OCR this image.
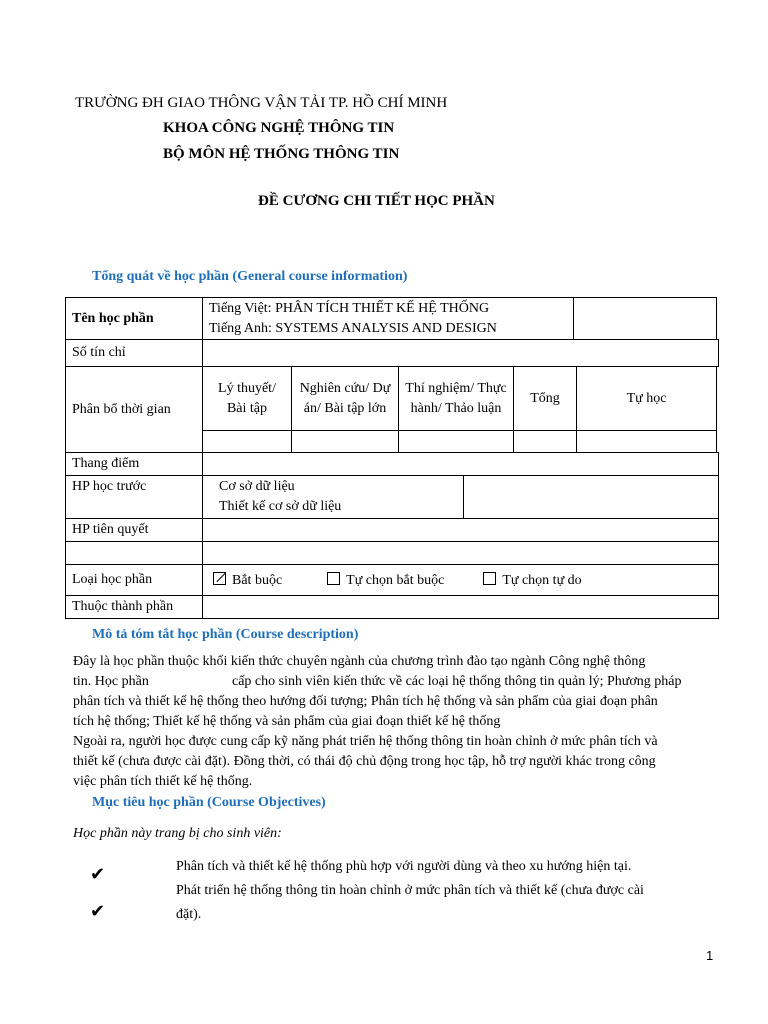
TRƯỜNG ĐH GIAO THÔNG VẬN TẢI TP. HỒ CHÍ MINH
KHOA CÔNG NGHỆ THÔNG TIN
BỘ MÔN HỆ THỐNG THÔNG TIN
ĐỀ CƯƠNG CHI TIẾT HỌC PHẦN
Tổng quát về học phần (General course information)
Tên học phần	
Tiếng Việt: PHÂN TÍCH THIẾT KẾ HỆ THỐNG
Tiếng Anh: SYSTEMS ANALYSIS AND DESIGN

Số tín chỉ	
Phân bổ thời gian	Lý thuyết/ Bài tập	Nghiên cứu/ Dự án/ Bài tập lớn	Thí nghiệm/ Thực hành/ Thảo luận	Tổng	Tự học

Thang điểm		
HP học trước	Cơ sở dữ liệu
Thiết kế cơ sở dữ liệu	

HP tiên quyết		

Loại học phần	Bắt buộc Tự chọn bắt buộc Tự chọn tự do	
Thuộc thành phần		
Mô tả tóm tắt học phần (Course description)
Đây là học phần thuộc khối kiến thức chuyên ngành của chương trình đào tạo ngành Công nghệ thông
tin. Học phần	cấp cho sinh viên kiến thức về các loại hệ thống thông tin quản lý; Phương pháp
phân tích và thiết kế hệ thống theo hướng đối tượng; Phân tích hệ thống và sản phẩm của giai đoạn phân
tích hệ thống; Thiết kế hệ thống và sản phẩm của giai đoạn thiết kế hệ thống
Ngoài ra, người học được cung cấp kỹ năng phát triển hệ thống thông tin hoàn chỉnh ở mức phân tích và
thiết kế (chưa được cài đặt). Đồng thời, có thái độ chủ động trong học tập, hỗ trợ người khác trong công
việc phân tích thiết kế hệ thống.
Mục tiêu học phần (Course Objectives)
Học phần này trang bị cho sinh viên:
✔	Phân tích và thiết kế hệ thống phù hợp với người dùng và theo xu hướng hiện tại.
✔
Phát triển hệ thống thông tin hoàn chỉnh ở mức phân tích và thiết kế (chưa được cài
đặt).
1
